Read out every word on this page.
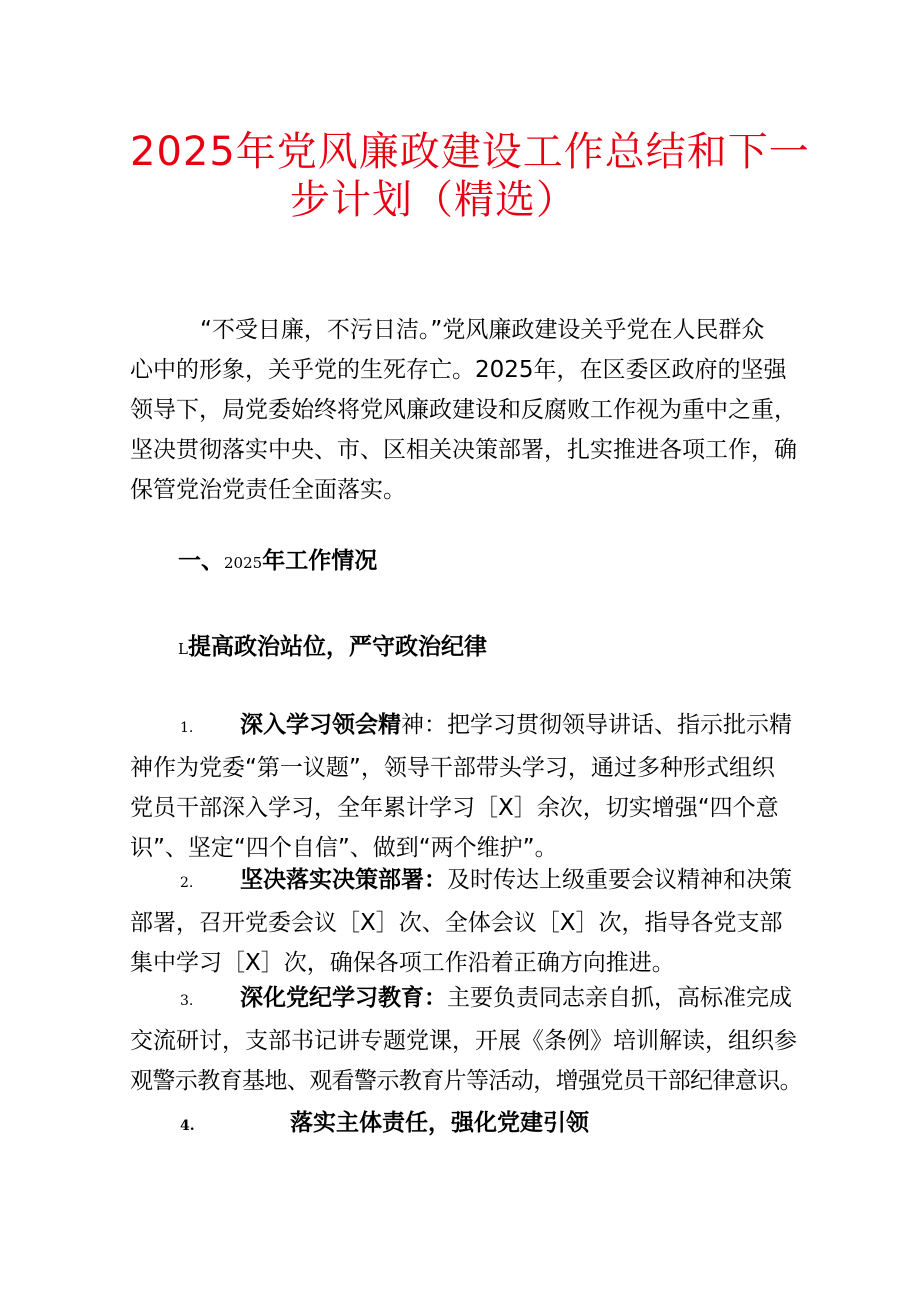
2025年党风廉政建设工作总结和下一
步计划（精选）
“不受日廉，不污日洁。”党风廉政建设关乎党在人民群众
心中的形象，关乎党的生死存亡。2025年，在区委区政府的坚强
领导下，局党委始终将党风廉政建设和反腐败工作视为重中之重，
坚决贯彻落实中央、市、区相关决策部署，扎实推进各项工作，确
保管党治党责任全面落实。
一、2025年工作情况
L提高政治站位，严守政治纪律
1. 深入学习领会精神：把学习贯彻领导讲话、指示批示精
神作为党委“第一议题”，领导干部带头学习，通过多种形式组织
党员干部深入学习，全年累计学习［X］余次，切实增强“四个意
识”、坚定“四个自信”、做到“两个维护”。
2. 坚决落实决策部署：及时传达上级重要会议精神和决策
部署，召开党委会议［X］次、全体会议［X］次，指导各党支部
集中学习［X］次，确保各项工作沿着正确方向推进。
3. 深化党纪学习教育：主要负责同志亲自抓，高标准完成
交流研讨，支部书记讲专题党课，开展《条例》培训解读，组织参
观警示教育基地、观看警示教育片等活动，增强党员干部纪律意识。
4.	落实主体责任，强化党建引领
